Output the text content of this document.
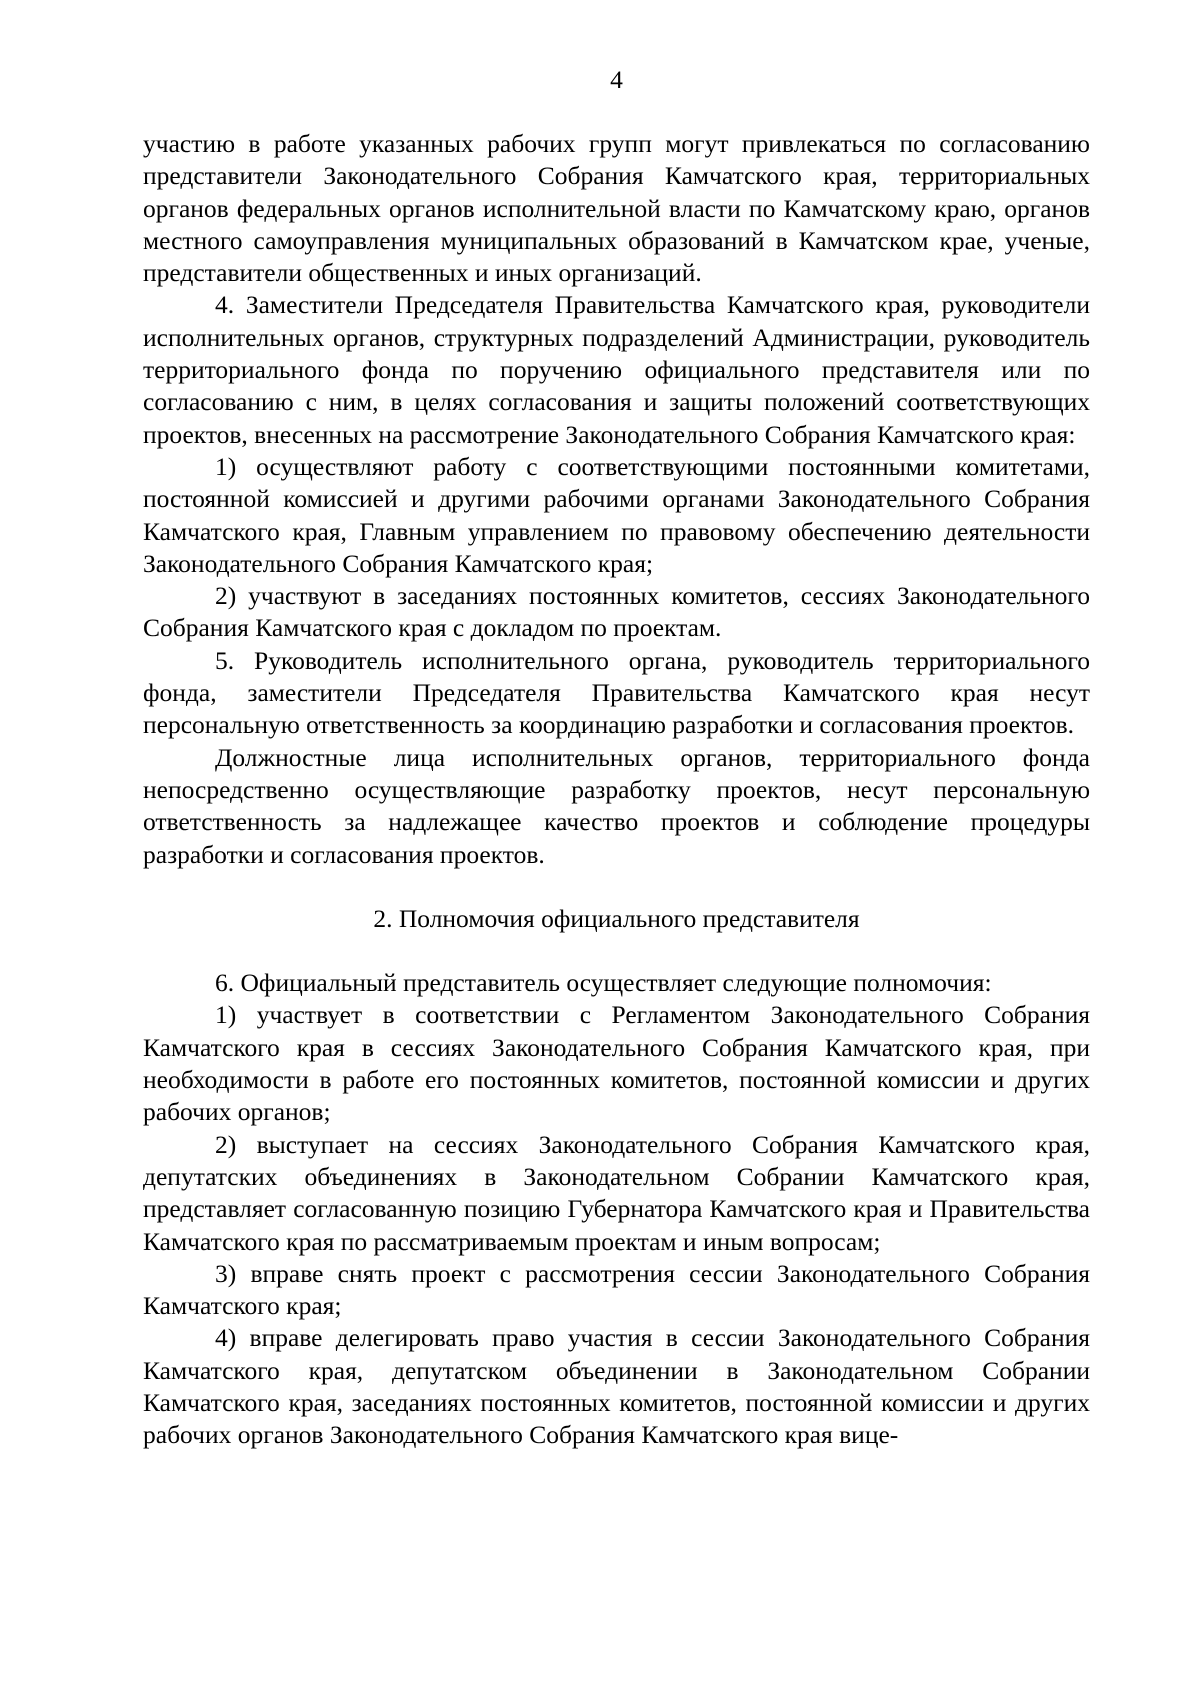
4

участию в работе указанных рабочих групп могут привлекаться по согласованию представители Законодательного Собрания Камчатского края, территориальных органов федеральных органов исполнительной власти по Камчатскому краю, органов местного самоуправления муниципальных образований в Камчатском крае, ученые, представители общественных и иных организаций.

4. Заместители Председателя Правительства Камчатского края, руководители исполнительных органов, структурных подразделений Администрации, руководитель территориального фонда по поручению официального представителя или по согласованию с ним, в целях согласования и защиты положений соответствующих проектов, внесенных на рассмотрение Законодательного Собрания Камчатского края:

1) осуществляют работу с соответствующими постоянными комитетами, постоянной комиссией и другими рабочими органами Законодательного Собрания Камчатского края, Главным управлением по правовому обеспечению деятельности Законодательного Собрания Камчатского края;

2) участвуют в заседаниях постоянных комитетов, сессиях Законодательного Собрания Камчатского края с докладом по проектам.

5. Руководитель исполнительного органа, руководитель территориального фонда, заместители Председателя Правительства Камчатского края несут персональную ответственность за координацию разработки и согласования проектов.

Должностные лица исполнительных органов, территориального фонда непосредственно осуществляющие разработку проектов, несут персональную ответственность за надлежащее качество проектов и соблюдение процедуры разработки и согласования проектов.

2. Полномочия официального представителя

6. Официальный представитель осуществляет следующие полномочия:

1) участвует в соответствии с Регламентом Законодательного Собрания Камчатского края в сессиях Законодательного Собрания Камчатского края, при необходимости в работе его постоянных комитетов, постоянной комиссии и других рабочих органов;

2) выступает на сессиях Законодательного Собрания Камчатского края, депутатских объединениях в Законодательном Собрании Камчатского края, представляет согласованную позицию Губернатора Камчатского края и Правительства Камчатского края по рассматриваемым проектам и иным вопросам;

3) вправе снять проект с рассмотрения сессии Законодательного Собрания Камчатского края;

4) вправе делегировать право участия в сессии Законодательного Собрания Камчатского края, депутатском объединении в Законодательном Собрании Камчатского края, заседаниях постоянных комитетов, постоянной комиссии и других рабочих органов Законодательного Собрания Камчатского края вице-
